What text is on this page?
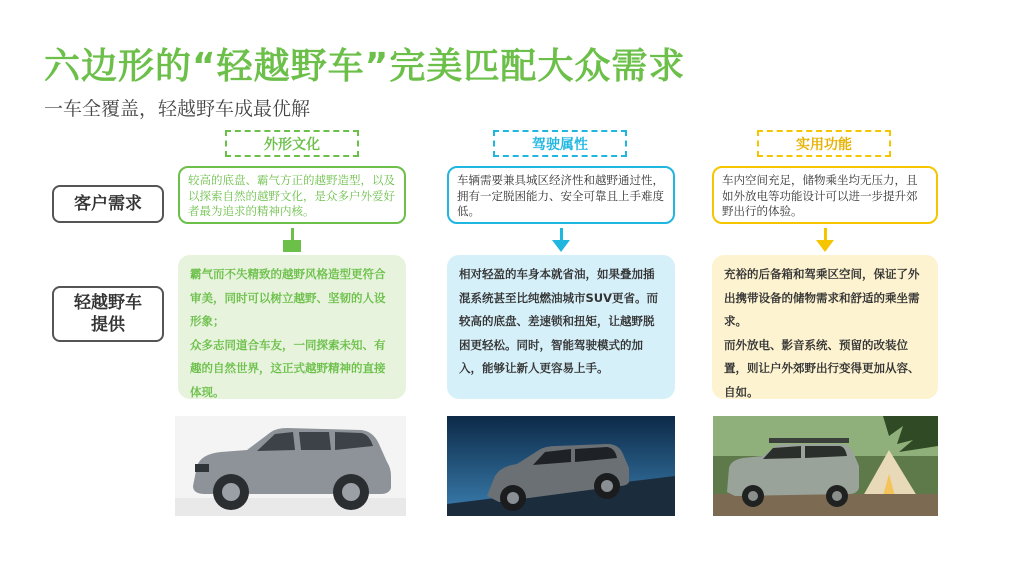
六边形的“轻越野车”完美匹配大众需求
一车全覆盖，轻越野车成最优解
客户需求
轻越野车
提供
外形文化
较高的底盘、霸气方正的越野造型，以及以探索自然的越野文化，是众多户外爱好者最为追求的精神内核。

霸气而不失精致的越野风格造型更符合审美，同时可以树立越野、坚韧的人设形象；

众多志同道合车友，一同探索未知、有趣的自然世界，这正式越野精神的直接体现。

驾驶属性
车辆需要兼具城区经济性和越野通过性，拥有一定脱困能力、安全可靠且上手难度低。

相对轻盈的车身本就省油，如果叠加插混系统甚至比纯燃油城市SUV更省。而较高的底盘、差速锁和扭矩，让越野脱困更轻松。同时，智能驾驶模式的加入，能够让新人更容易上手。

实用功能
车内空间充足，储物乘坐均无压力，且如外放电等功能设计可以进一步提升郊野出行的体验。

充裕的后备箱和驾乘区空间，保证了外出携带设备的储物需求和舒适的乘坐需求。

而外放电、影音系统、预留的改装位置，则让户外郊野出行变得更加从容、自如。
